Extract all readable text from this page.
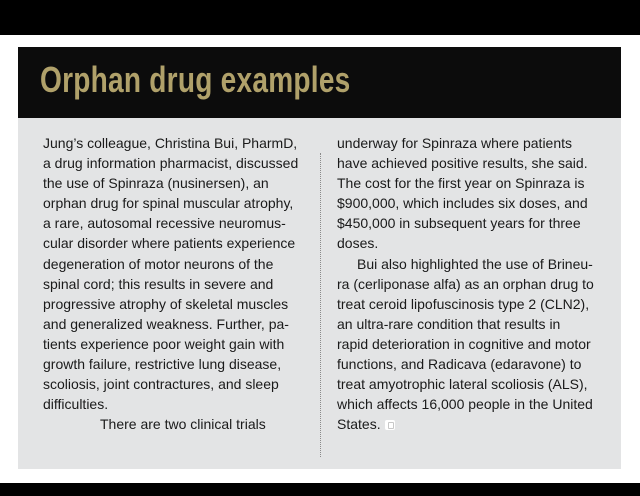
Orphan drug examples
Jung’s colleague, Christina Bui, PharmD,
a drug information pharmacist, discussed
the use of Spinraza (nusinersen), an
orphan drug for spinal muscular atrophy,
a rare, autosomal recessive neuromus-
cular disorder where patients experience
degeneration of motor neurons of the
spinal cord; this results in severe and
progressive atrophy of skeletal muscles
and generalized weakness. Further, pa-
tients experience poor weight gain with
growth failure, restrictive lung disease,
scoliosis, joint contractures, and sleep
difficulties.
There are two clinical trials
underway for Spinraza where patients
have achieved positive results, she said.
The cost for the first year on Spinraza is
$900,000, which includes six doses, and
$450,000 in subsequent years for three
doses.
Bui also highlighted the use of Brineu-
ra (cerliponase alfa) as an orphan drug to
treat ceroid lipofuscinosis type 2 (CLN2),
an ultra-rare condition that results in
rapid deterioration in cognitive and motor
functions, and Radicava (edaravone) to
treat amyotrophic lateral scoliosis (ALS),
which affects 16,000 people in the United
States.
